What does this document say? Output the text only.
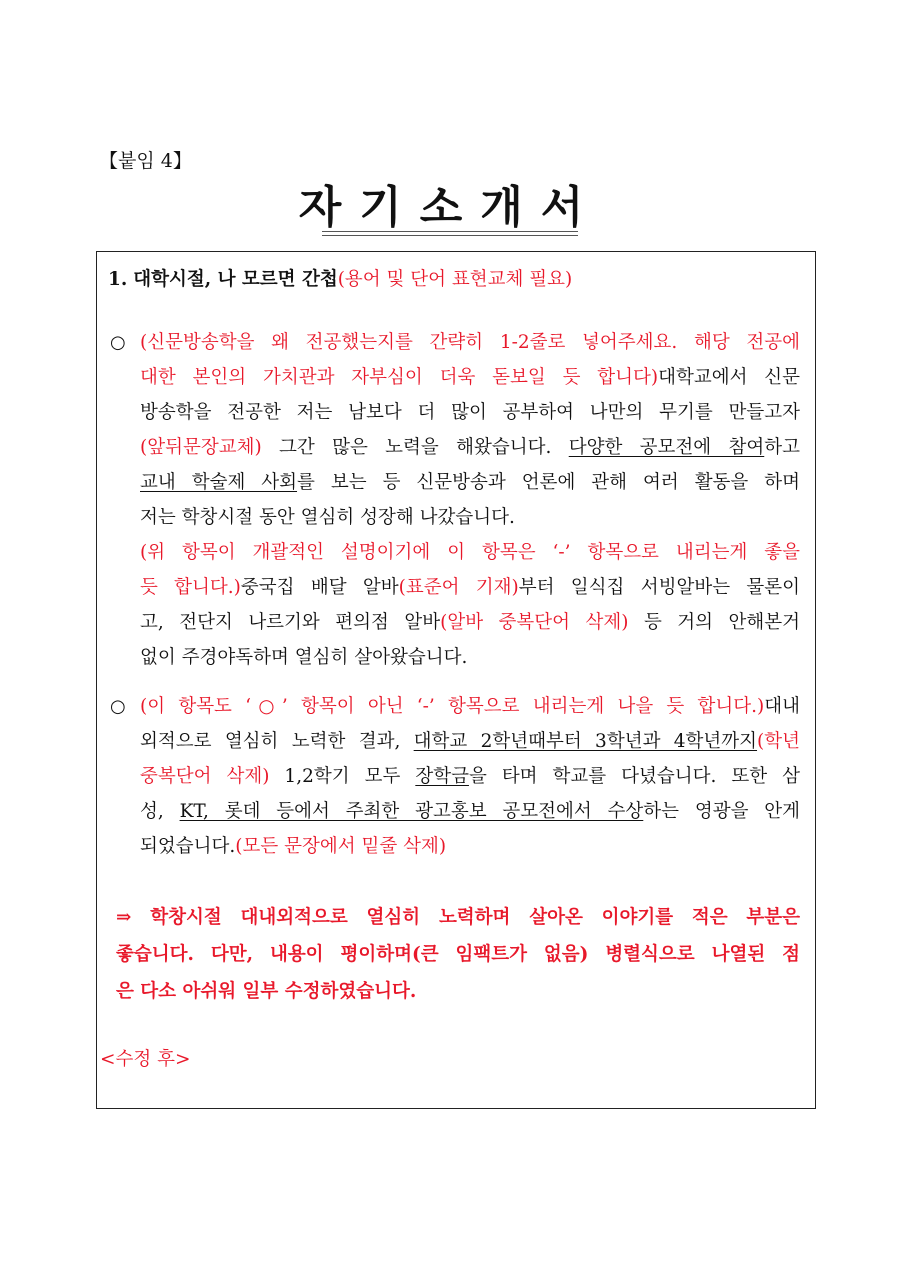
【붙임 4】
자기소개서
1. 대학시절, 나 모르면 간첩(용어 및 단어 표현교체 필요)
○ (신문방송학을 왜 전공했는지를 간략히 1-2줄로 넣어주세요. 해당 전공에
대한 본인의 가치관과 자부심이 더욱 돋보일 듯 합니다)대학교에서 신문
방송학을 전공한 저는 남보다 더 많이 공부하여 나만의 무기를 만들고자
(앞뒤문장교체) 그간 많은 노력을 해왔습니다. 다양한 공모전에 참여하고
교내 학술제 사회를 보는 등 신문방송과 언론에 관해 여러 활동을 하며
저는 학창시절 동안 열심히 성장해 나갔습니다.
(위 항목이 개괄적인 설명이기에 이 항목은 ‘-’ 항목으로 내리는게 좋을
듯 합니다.)중국집 배달 알바(표준어 기재)부터 일식집 서빙알바는 물론이
고, 전단지 나르기와 편의점 알바(알바 중복단어 삭제) 등 거의 안해본거
없이 주경야독하며 열심히 살아왔습니다.
○ (이 항목도 ‘○’ 항목이 아닌 ‘-’ 항목으로 내리는게 나을 듯 합니다.)대내
외적으로 열심히 노력한 결과, 대학교 2학년때부터 3학년과 4학년까지(학년
중복단어 삭제) 1,2학기 모두 장학금을 타며 학교를 다녔습니다. 또한 삼
성, KT, 롯데 등에서 주최한 광고홍보 공모전에서 수상하는 영광을 안게
되었습니다.(모든 문장에서 밑줄 삭제)
⇒ 학창시절 대내외적으로 열심히 노력하며 살아온 이야기를 적은 부분은
좋습니다. 다만, 내용이 평이하며(큰 임팩트가 없음) 병렬식으로 나열된 점
은 다소 아쉬워 일부 수정하였습니다.
<수정 후>
